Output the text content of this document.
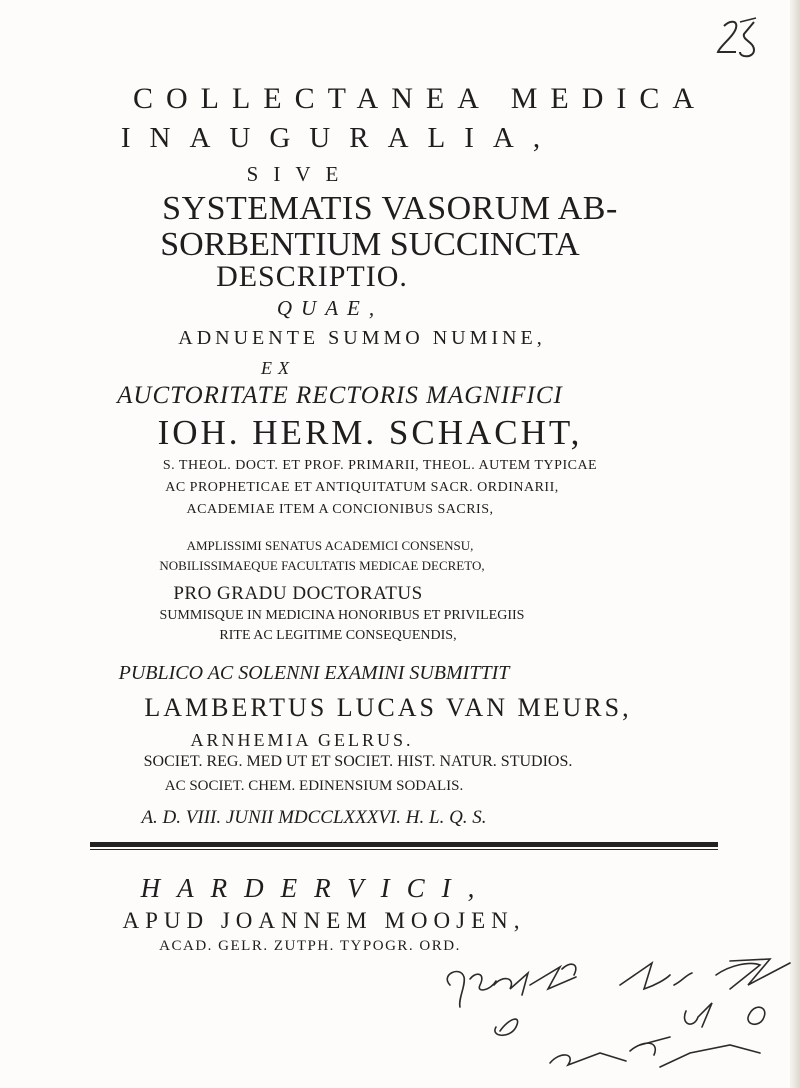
COLLECTANEA MEDICA
INAUGURALIA,
SIVE
SYSTEMATIS VASORUM AB-
SORBENTIUM SUCCINCTA
DESCRIPTIO.
QUAE,
ADNUENTE SUMMO NUMINE,
EX
AUCTORITATE RECTORIS MAGNIFICI
IOH. HERM. SCHACHT,
S. THEOL. DOCT. ET PROF. PRIMARII, THEOL. AUTEM TYPICAE
AC PROPHETICAE ET ANTIQUITATUM SACR. ORDINARII,
ACADEMIAE ITEM A CONCIONIBUS SACRIS,
AMPLISSIMI SENATUS ACADEMICI CONSENSU,
NOBILISSIMAEQUE FACULTATIS MEDICAE DECRETO,
PRO GRADU DOCTORATUS
SUMMISQUE IN MEDICINA HONORIBUS ET PRIVILEGIIS
RITE AC LEGITIME CONSEQUENDIS,
PUBLICO AC SOLENNI EXAMINI SUBMITTIT
LAMBERTUS LUCAS VAN MEURS,
ARNHEMIA GELRUS.
SOCIET. REG. MED UT ET SOCIET. HIST. NATUR. STUDIOS.
AC SOCIET. CHEM. EDINENSIUM SODALIS.
A. D. VIII. JUNII MDCCLXXXVI. H. L. Q. S.
HARDERVICI,
APUD JOANNEM MOOJEN,
ACAD. GELR. ZUTPH. TYPOGR. ORD.
